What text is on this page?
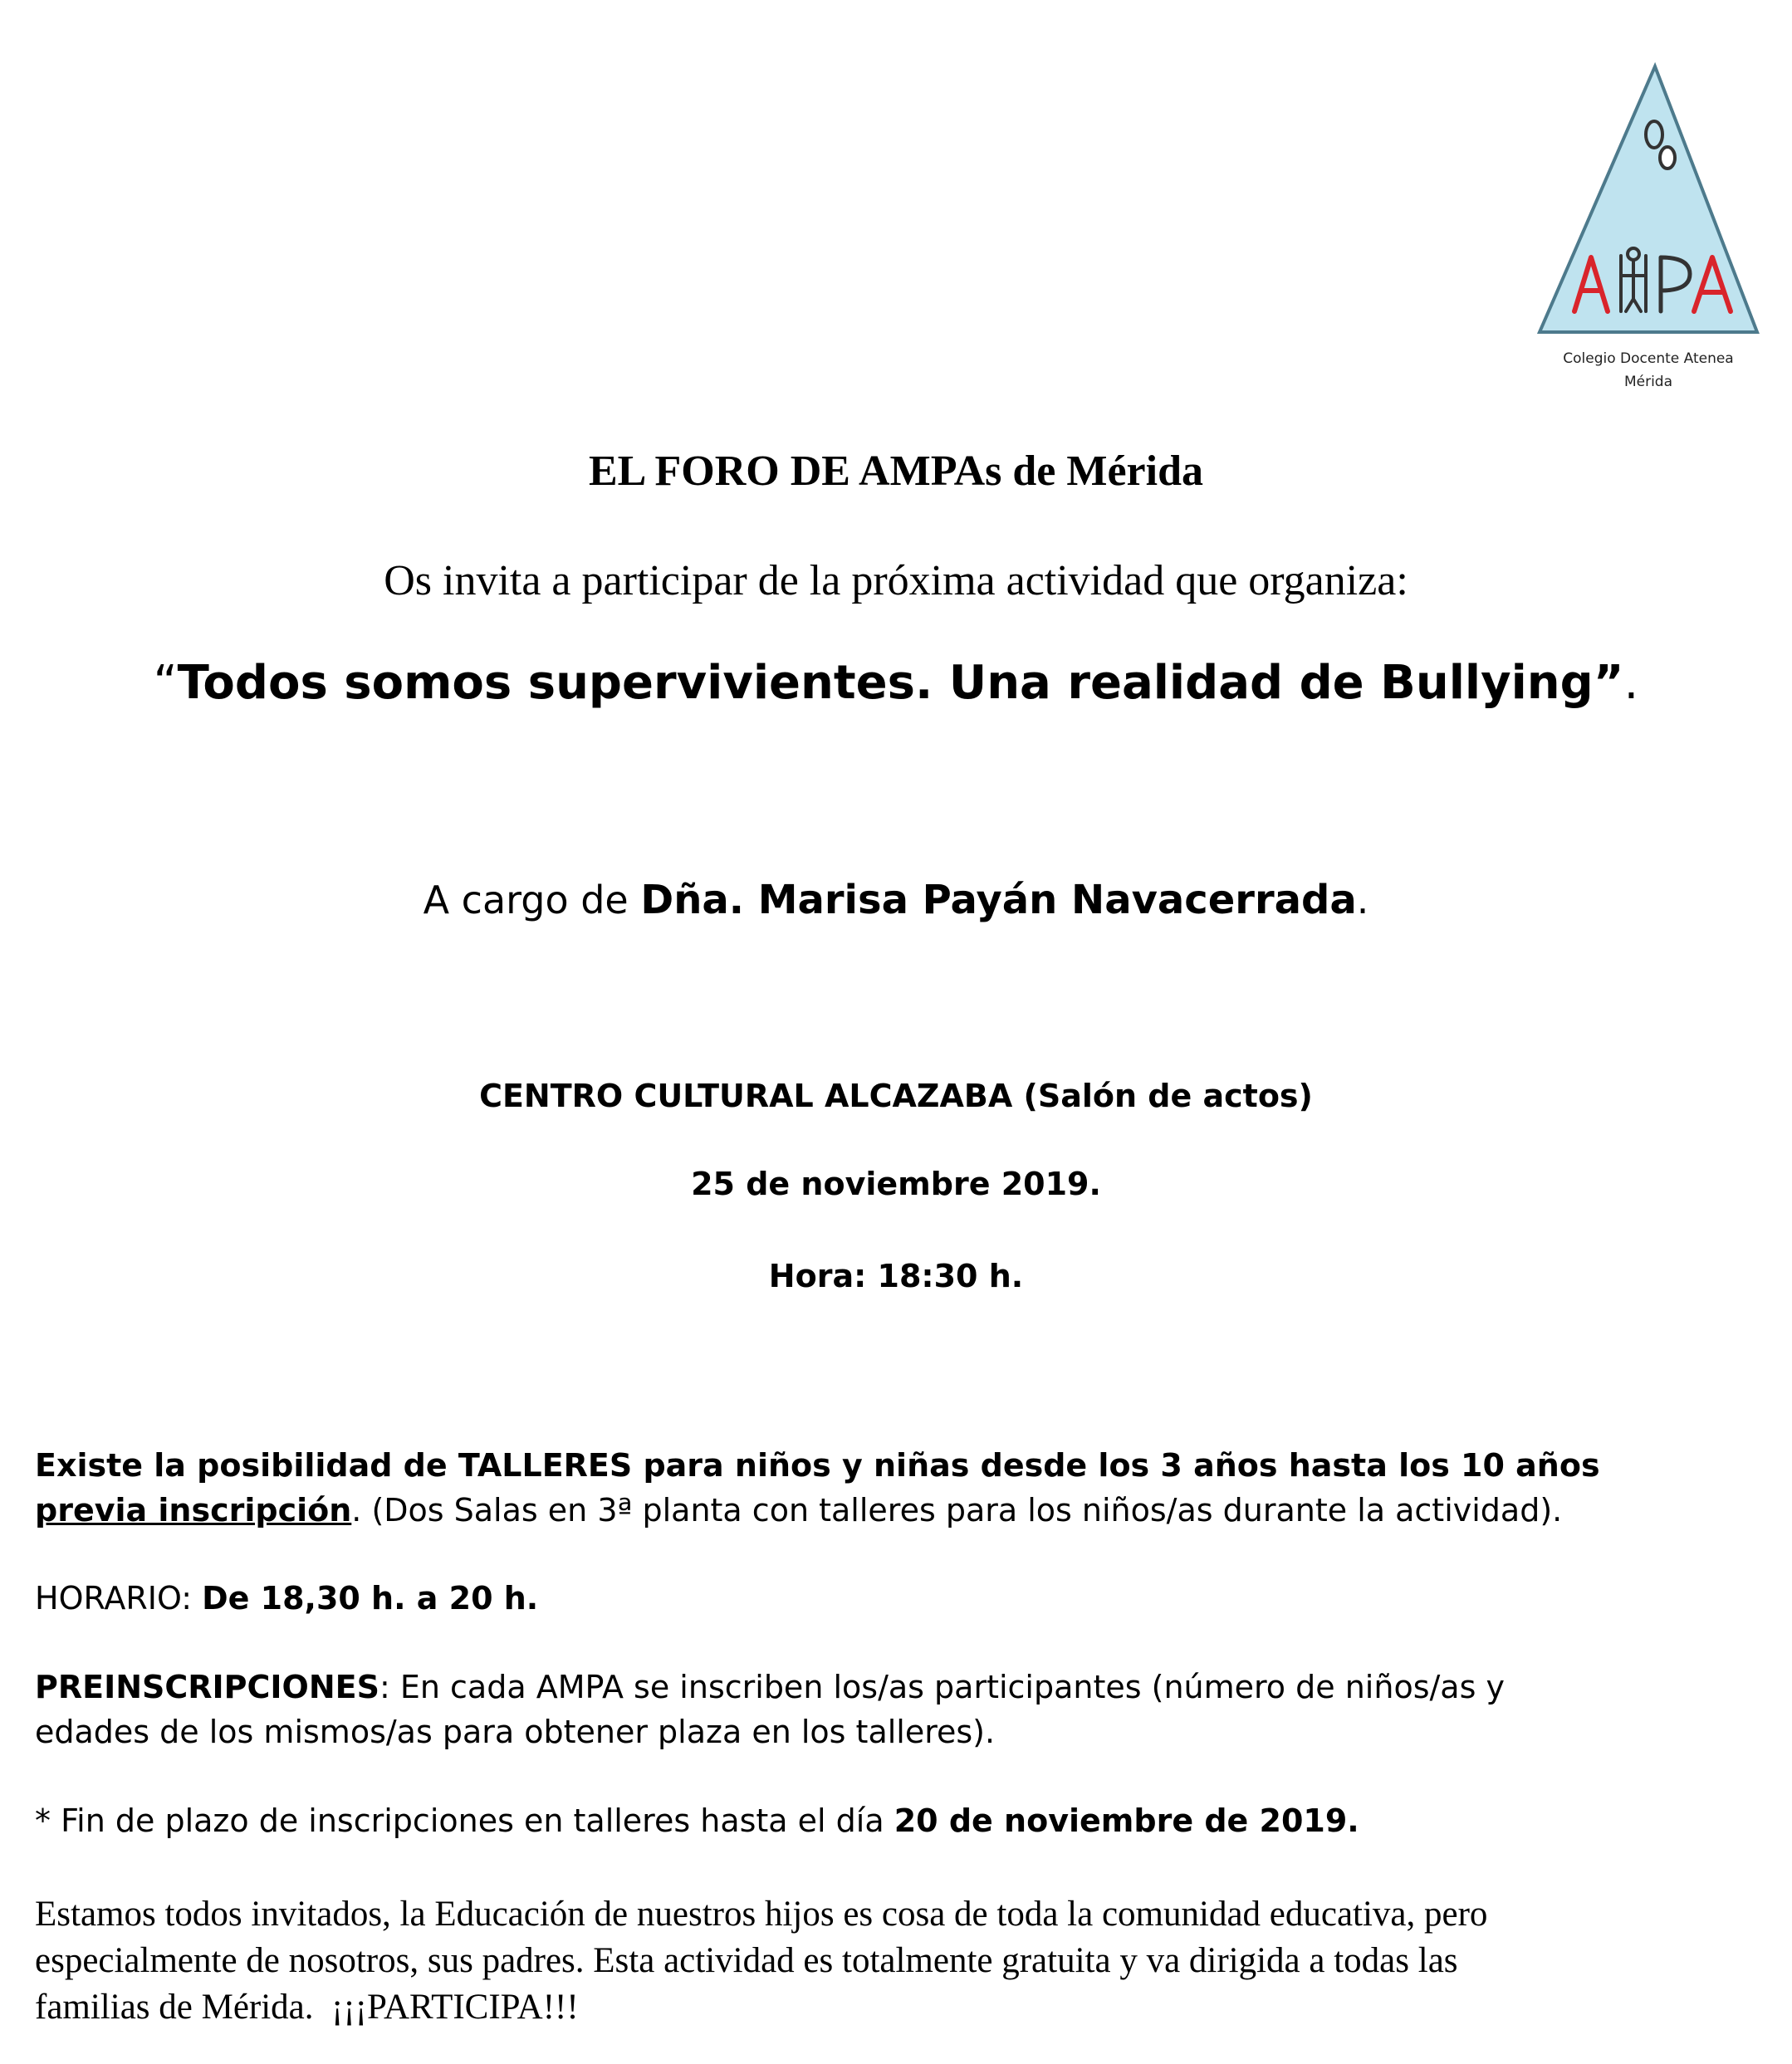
Colegio Docente Atenea
Mérida
EL FORO DE AMPAs de Mérida
Os invita a participar de la próxima actividad que organiza:
“Todos somos supervivientes. Una realidad de Bullying”.
A cargo de Dña. Marisa Payán Navacerrada.
CENTRO CULTURAL ALCAZABA (Salón de actos)
25 de noviembre 2019.
Hora: 18:30 h.
Existe la posibilidad de TALLERES para niños y niñas desde los 3 años hasta los 10 años
previa inscripción. (Dos Salas en 3ª planta con talleres para los niños/as durante la actividad).
HORARIO: De 18,30 h. a 20 h.
PREINSCRIPCIONES: En cada AMPA se inscriben los/as participantes (número de niños/as y
edades de los mismos/as para obtener plaza en los talleres).
* Fin de plazo de inscripciones en talleres hasta el día 20 de noviembre de 2019.
Estamos todos invitados, la Educación de nuestros hijos es cosa de toda la comunidad educativa, pero
especialmente de nosotros, sus padres. Esta actividad es totalmente gratuita y va dirigida a todas las
familias de Mérida.  ¡¡¡PARTICIPA!!!
